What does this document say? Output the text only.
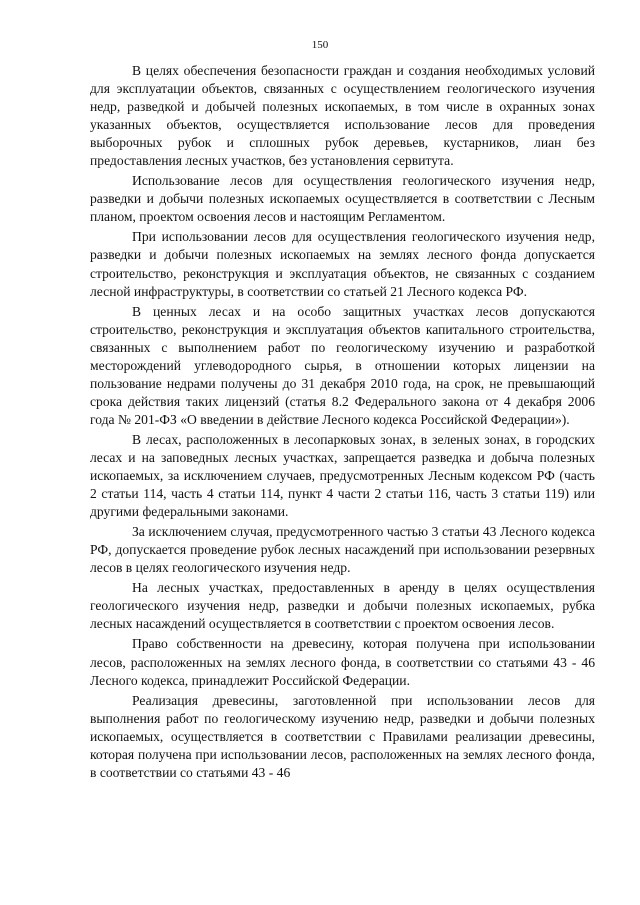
150

В целях обеспечения безопасности граждан и создания необходимых условий для эксплуатации объектов, связанных с осуществлением геологического изучения недр, разведкой и добычей полезных ископаемых, в том числе в охранных зонах указанных объектов, осуществляется использование лесов для проведения выборочных рубок и сплошных рубок деревьев, кустарников, лиан без предоставления лесных участков, без установления сервитута.

Использование лесов для осуществления геологического изучения недр, разведки и добычи полезных ископаемых осуществляется в соответствии с Лесным планом, проектом освоения лесов и настоящим Регламентом.

При использовании лесов для осуществления геологического изучения недр, разведки и добычи полезных ископаемых на землях лесного фонда допускается строительство, реконструкция и эксплуатация объектов, не связанных с созданием лесной инфраструктуры, в соответствии со статьей 21 Лесного кодекса РФ.

В ценных лесах и на особо защитных участках лесов допускаются строительство, реконструкция и эксплуатация объектов капитального строительства, связанных с выполнением работ по геологическому изучению и разработкой месторождений углеводородного сырья, в отношении которых лицензии на пользование недрами получены до 31 декабря 2010 года, на срок, не превышающий срока действия таких лицензий (статья 8.2 Федерального закона от 4 декабря 2006 года № 201-ФЗ «О введении в действие Лесного кодекса Российской Федерации»).

В лесах, расположенных в лесопарковых зонах, в зеленых зонах, в городских лесах и на заповедных лесных участках, запрещается разведка и добыча полезных ископаемых, за исключением случаев, предусмотренных Лесным кодексом РФ (часть 2 статьи 114, часть 4 статьи 114, пункт 4 части 2 статьи 116, часть 3 статьи 119) или другими федеральными законами.

За исключением случая, предусмотренного частью 3 статьи 43 Лесного кодекса РФ, допускается проведение рубок лесных насаждений при использовании резервных лесов в целях геологического изучения недр.

На лесных участках, предоставленных в аренду в целях осуществления геологического изучения недр, разведки и добычи полезных ископаемых, рубка лесных насаждений осуществляется в соответствии с проектом освоения лесов.

Право собственности на древесину, которая получена при использовании лесов, расположенных на землях лесного фонда, в соответствии со статьями 43 - 46 Лесного кодекса, принадлежит Российской Федерации.

Реализация древесины, заготовленной при использовании лесов для выполнения работ по геологическому изучению недр, разведки и добычи полезных ископаемых, осуществляется в соответствии с Правилами реализации древесины, которая получена при использовании лесов, расположенных на землях лесного фонда, в соответствии со статьями 43 - 46
